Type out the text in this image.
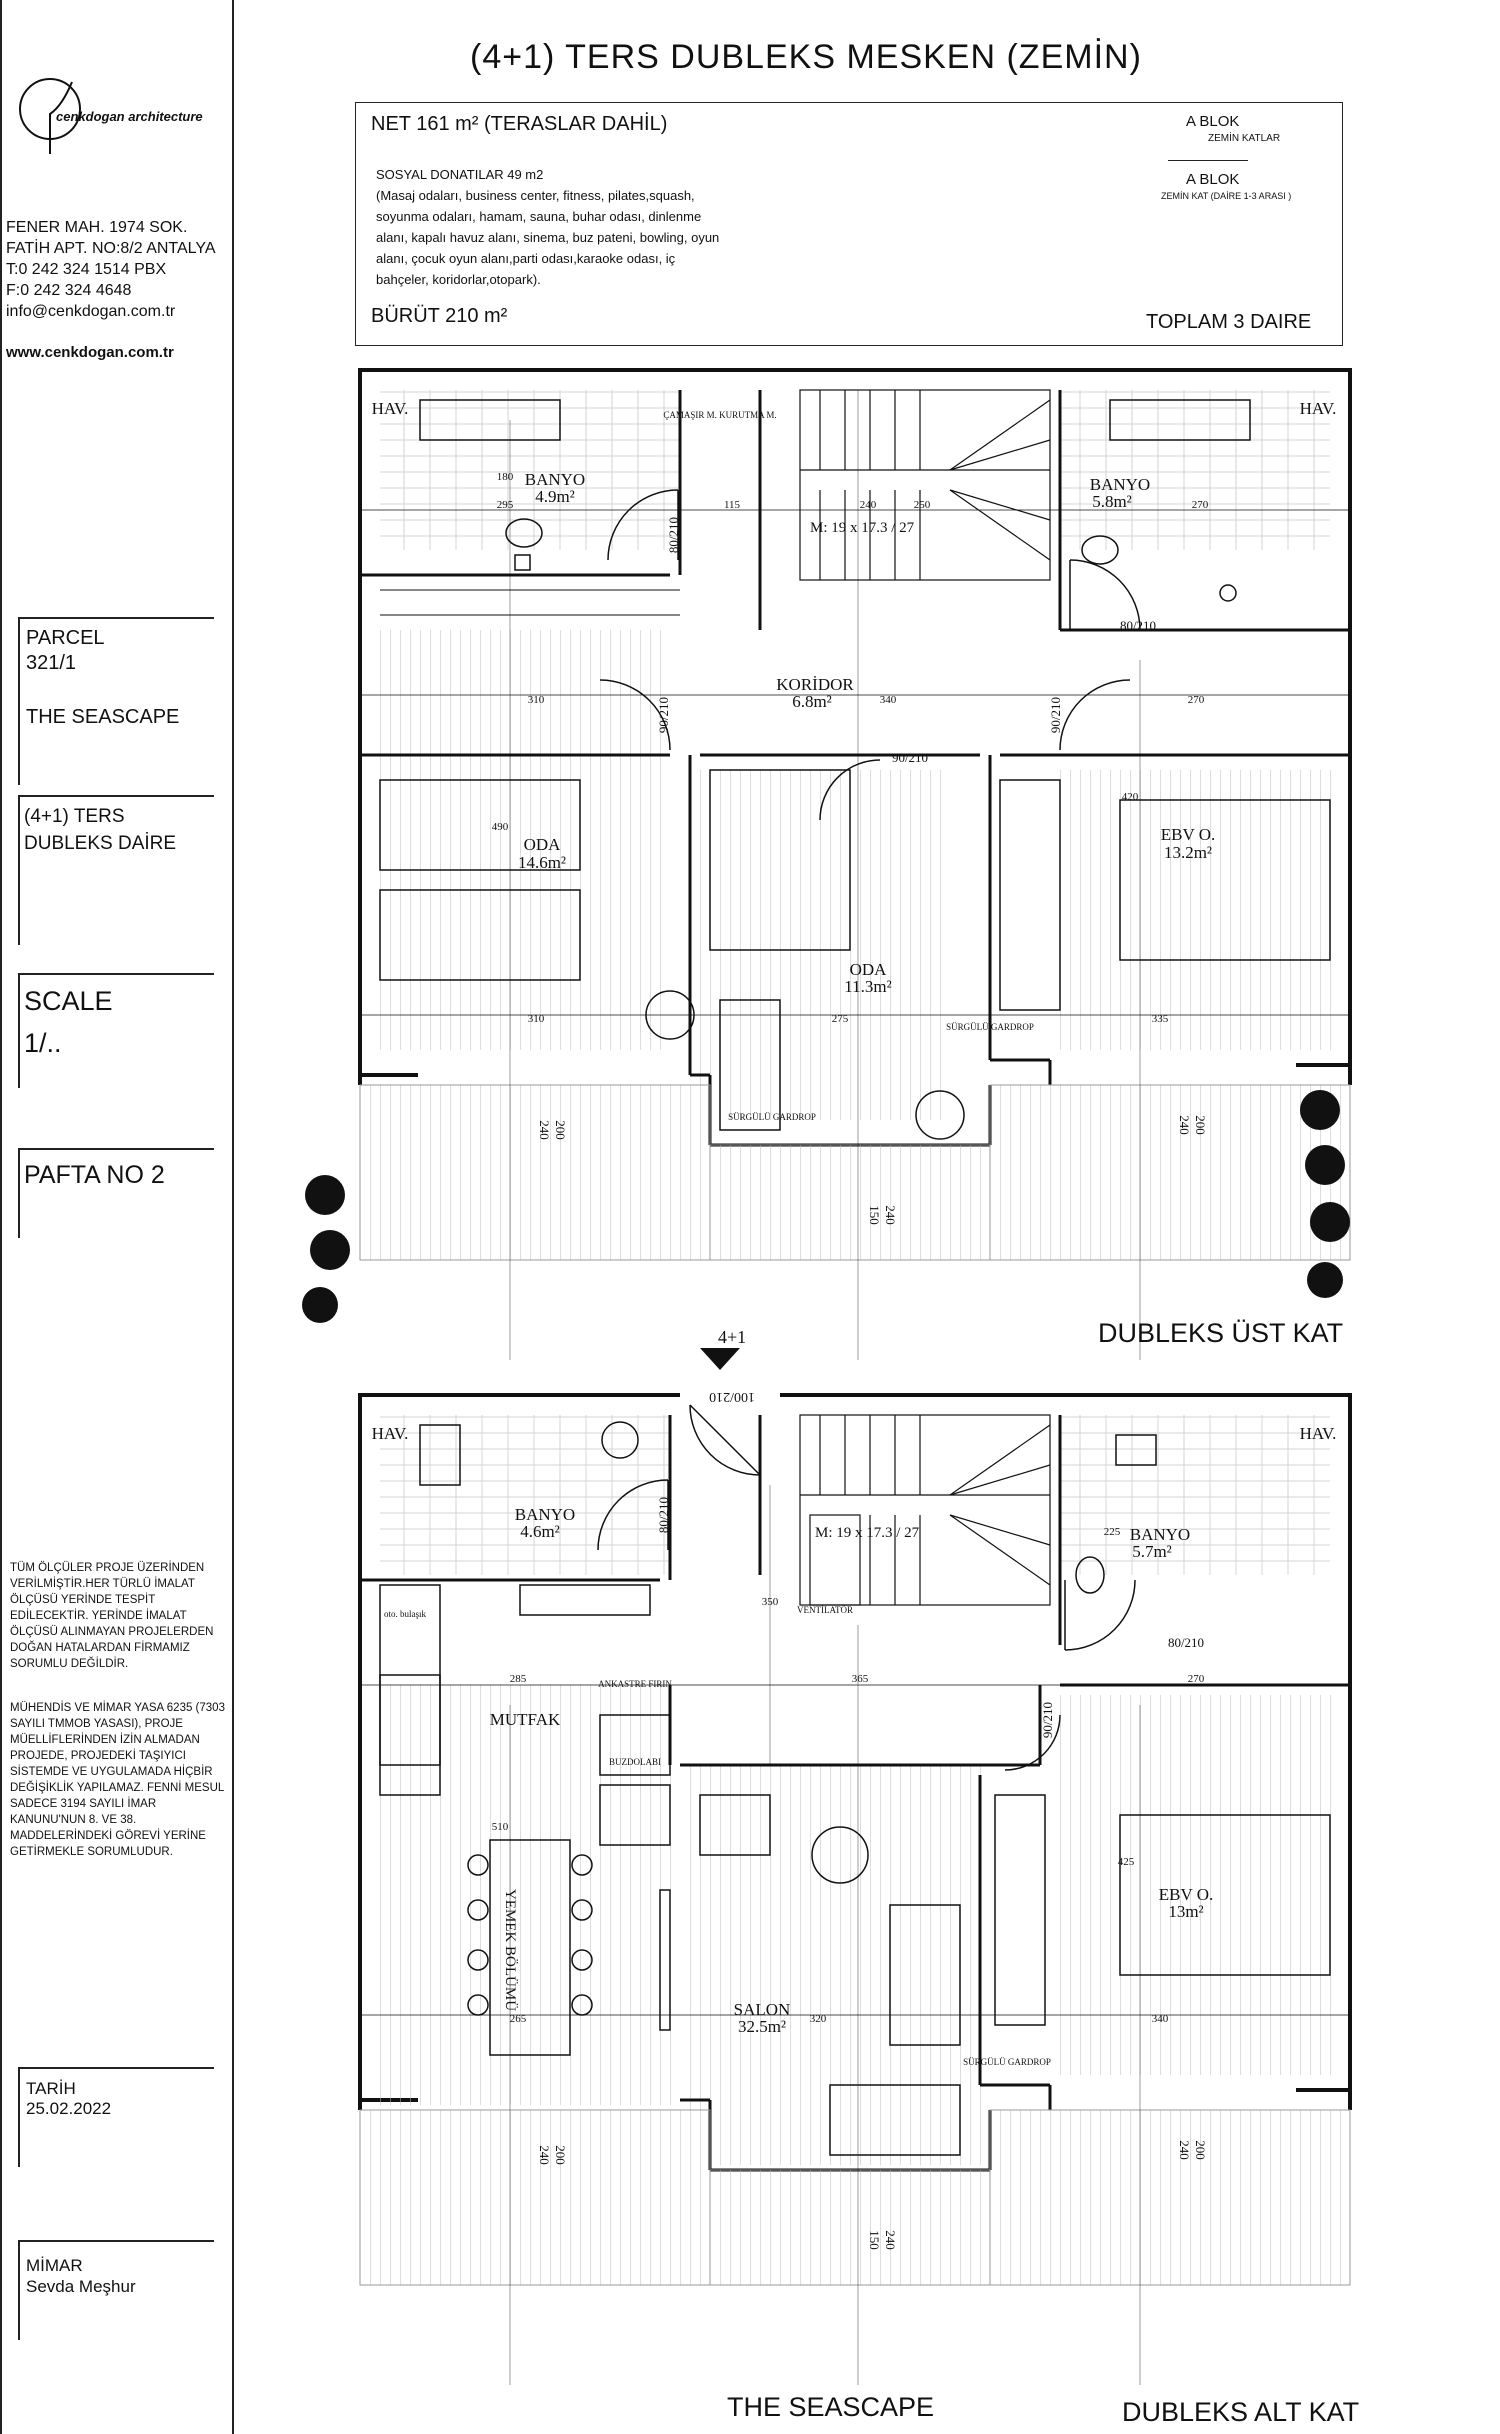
cenkdogan architecture
FENER MAH. 1974 SOK.
FATİH APT. NO:8/2 ANTALYA
T:0 242 324 1514 PBX
F:0 242 324 4648
info@cenkdogan.com.tr
www.cenkdogan.com.tr
PARCEL
321/1
THE SEASCAPE
(4+1) TERS
DUBLEKS DAİRE
SCALE
1/..
PAFTA NO 2
TÜM ÖLÇÜLER PROJE ÜZERİNDEN VERİLMİŞTİR.HER TÜRLÜ İMALAT ÖLÇÜSÜ YERİNDE TESPİT EDİLECEKTİR. YERİNDE İMALAT ÖLÇÜSÜ ALINMAYAN PROJELERDEN DOĞAN HATALARDAN FİRMAMIZ SORUMLU DEĞİLDİR.
MÜHENDİS VE MİMAR YASA 6235 (7303 SAYILI TMMOB YASASI), PROJE MÜELLİFLERİNDEN İZİN ALMADAN PROJEDE, PROJEDEKİ TAŞIYICI SİSTEMDE VE UYGULAMADA HİÇBİR DEĞİŞİKLİK YAPILAMAZ. FENNİ MESUL SADECE 3194 SAYILI İMAR KANUNU'NUN 8. VE 38. MADDELERİNDEKİ GÖREVİ YERİNE GETİRMEKLE SORUMLUDUR.
TARİH
25.02.2022
MİMAR
Sevda Meşhur
(4+1) TERS DUBLEKS MESKEN (ZEMİN)
NET 161 m² (TERASLAR DAHİL)
SOSYAL DONATILAR 49 m2
(Masaj odaları, business center, fitness, pilates,squash, soyunma odaları, hamam, sauna, buhar odası, dinlenme alanı, kapalı havuz alanı, sinema, buz pateni, bowling, oyun alanı, çocuk oyun alanı,parti odası,karaoke odası, iç bahçeler, koridorlar,otopark).
BÜRÜT 210 m²
A BLOK
ZEMİN KATLAR
A BLOK
ZEMİN KAT (DAİRE 1-3 ARASI )
TOPLAM 3 DAIRE
HAV.	HAV.
BANYO
4.9m²
BANYO
5.8m²
KORİDOR
6.8m²
ODA
14.6m²
ODA
11.3m²
EBV O.
13.2m²
ÇAMAŞIR M. KURUTMA M.
SÜRGÜLÜ GARDROP
SÜRGÜLÜ GARDROP
M: 19 x 17.3 / 27
295	115	240	250	270
310	340	270
310	275	335
490
420
180
80/210
80/210
90/210
90/210
90/210
240 200	240 200
150 240
DUBLEKS ÜST KAT
4+1
HAV.	HAV.
BANYO
4.6m²	BANYO
5.7m²
MUTFAK
YEMEK BÖLÜMÜ	SALON
32.5m²
EBV O.
13m²
M: 19 x 17.3 / 27
VENTİLATÖR
ANKASTRE FIRIN
BUZDOLABI
oto. bulaşık
SÜRGÜLÜ GARDROP
285	365	270
265	320	340
225
350
510
425
80/210
80/210
90/210
240 200	240 200
150 240
100/210
DUBLEKS ALT KAT
THE SEASCAPE
